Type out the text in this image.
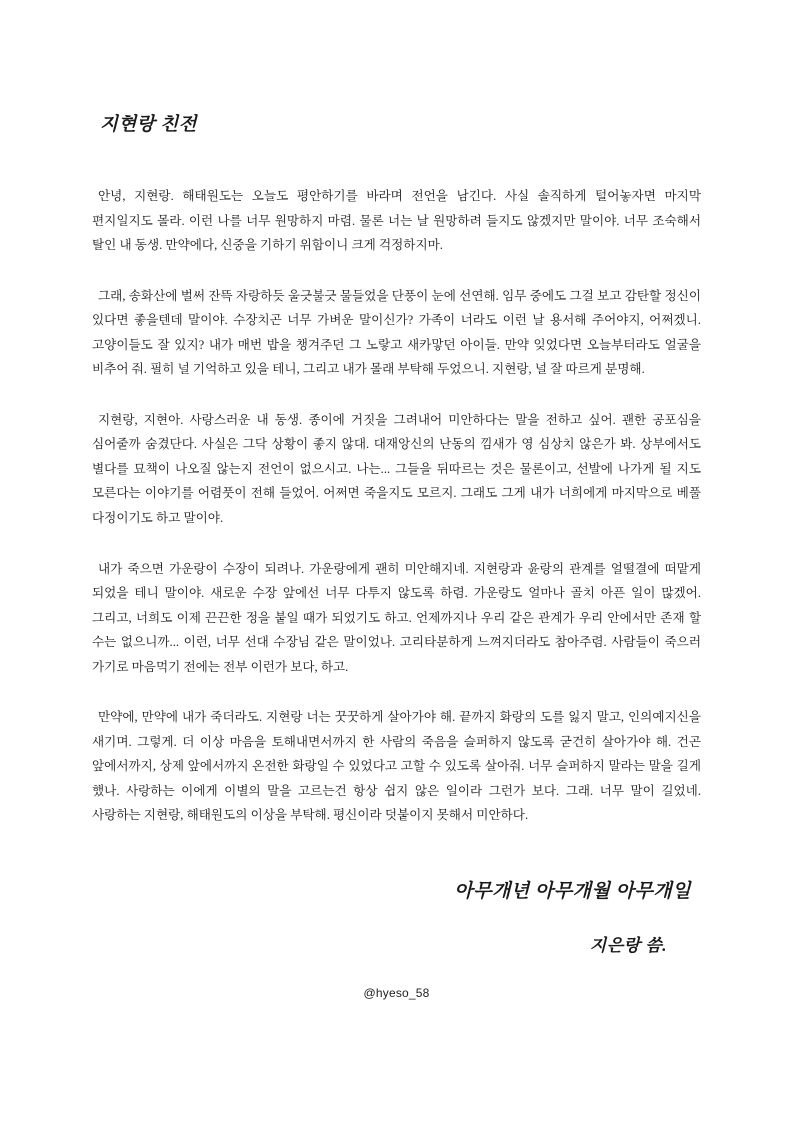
지현랑 친전

안녕, 지현랑. 해태원도는 오늘도 평안하기를 바라며 전언을 남긴다. 사실 솔직하게 털어놓자면 마지막 편지일지도 몰라. 이런 나를 너무 원망하지 마렴. 물론 너는 날 원망하려 들지도 않겠지만 말이야. 너무 조숙해서 탈인 내 동생. 만약에다, 신중을 기하기 위함이니 크게 걱정하지마.

그래, 송화산에 벌써 잔뜩 자랑하듯 울긋불긋 물들었을 단풍이 눈에 선연해. 임무 중에도 그걸 보고 감탄할 정신이 있다면 좋을텐데 말이야. 수장치곤 너무 가벼운 말이신가? 가족이 너라도 이런 날 용서해 주어야지, 어쩌겠니. 고양이들도 잘 있지? 내가 매번 밥을 챙겨주던 그 노랗고 새카맣던 아이들. 만약 잊었다면 오늘부터라도 얼굴을 비추어 줘. 필히 널 기억하고 있을 테니, 그리고 내가 몰래 부탁해 두었으니. 지현랑, 널 잘 따르게 분명해.

지현랑, 지현아. 사랑스러운 내 동생. 종이에 거짓을 그려내어 미안하다는 말을 전하고 싶어. 괜한 공포심을 심어줄까 숨겼단다. 사실은 그닥 상황이 좋지 않대. 대재앙신의 난동의 낌새가 영 심상치 않은가 봐. 상부에서도 별다를 묘책이 나오질 않는지 전언이 없으시고. 나는... 그들을 뒤따르는 것은 물론이고, 선발에 나가게 될 지도 모른다는 이야기를 어렴풋이 전해 들었어. 어쩌면 죽을지도 모르지. 그래도 그게 내가 너희에게 마지막으로 베풀 다정이기도 하고 말이야.

내가 죽으면 가운랑이 수장이 되려나. 가운랑에게 괜히 미안해지네. 지현랑과 윤랑의 관계를 얼떨결에 떠맡게 되었을 테니 말이야. 새로운 수장 앞에선 너무 다투지 않도록 하렴. 가운랑도 얼마나 골치 아픈 일이 많겠어. 그리고, 너희도 이제 끈끈한 정을 붙일 때가 되었기도 하고. 언제까지나 우리 같은 관계가 우리 안에서만 존재 할 수는 없으니까... 이런, 너무 선대 수장님 같은 말이었나. 고리타분하게 느껴지더라도 참아주렴. 사람들이 죽으러 가기로 마음먹기 전에는 전부 이런가 보다, 하고.

만약에, 만약에 내가 죽더라도. 지현랑 너는 꿋꿋하게 살아가야 해. 끝까지 화랑의 도를 잃지 말고, 인의예지신을 새기며. 그렇게. 더 이상 마음을 토해내면서까지 한 사람의 죽음을 슬퍼하지 않도록 굳건히 살아가야 해. 건곤 앞에서까지, 상제 앞에서까지 온전한 화랑일 수 있었다고 고할 수 있도록 살아줘. 너무 슬퍼하지 말라는 말을 길게 했나. 사랑하는 이에게 이별의 말을 고르는건 항상 쉽지 않은 일이라 그런가 보다. 그래. 너무 말이 길었네. 사랑하는 지현랑, 해태원도의 이상을 부탁해. 평신이라 덧붙이지 못해서 미안하다.

아무개년 아무개월 아무개일
지은랑 씀.
@hyeso_58
